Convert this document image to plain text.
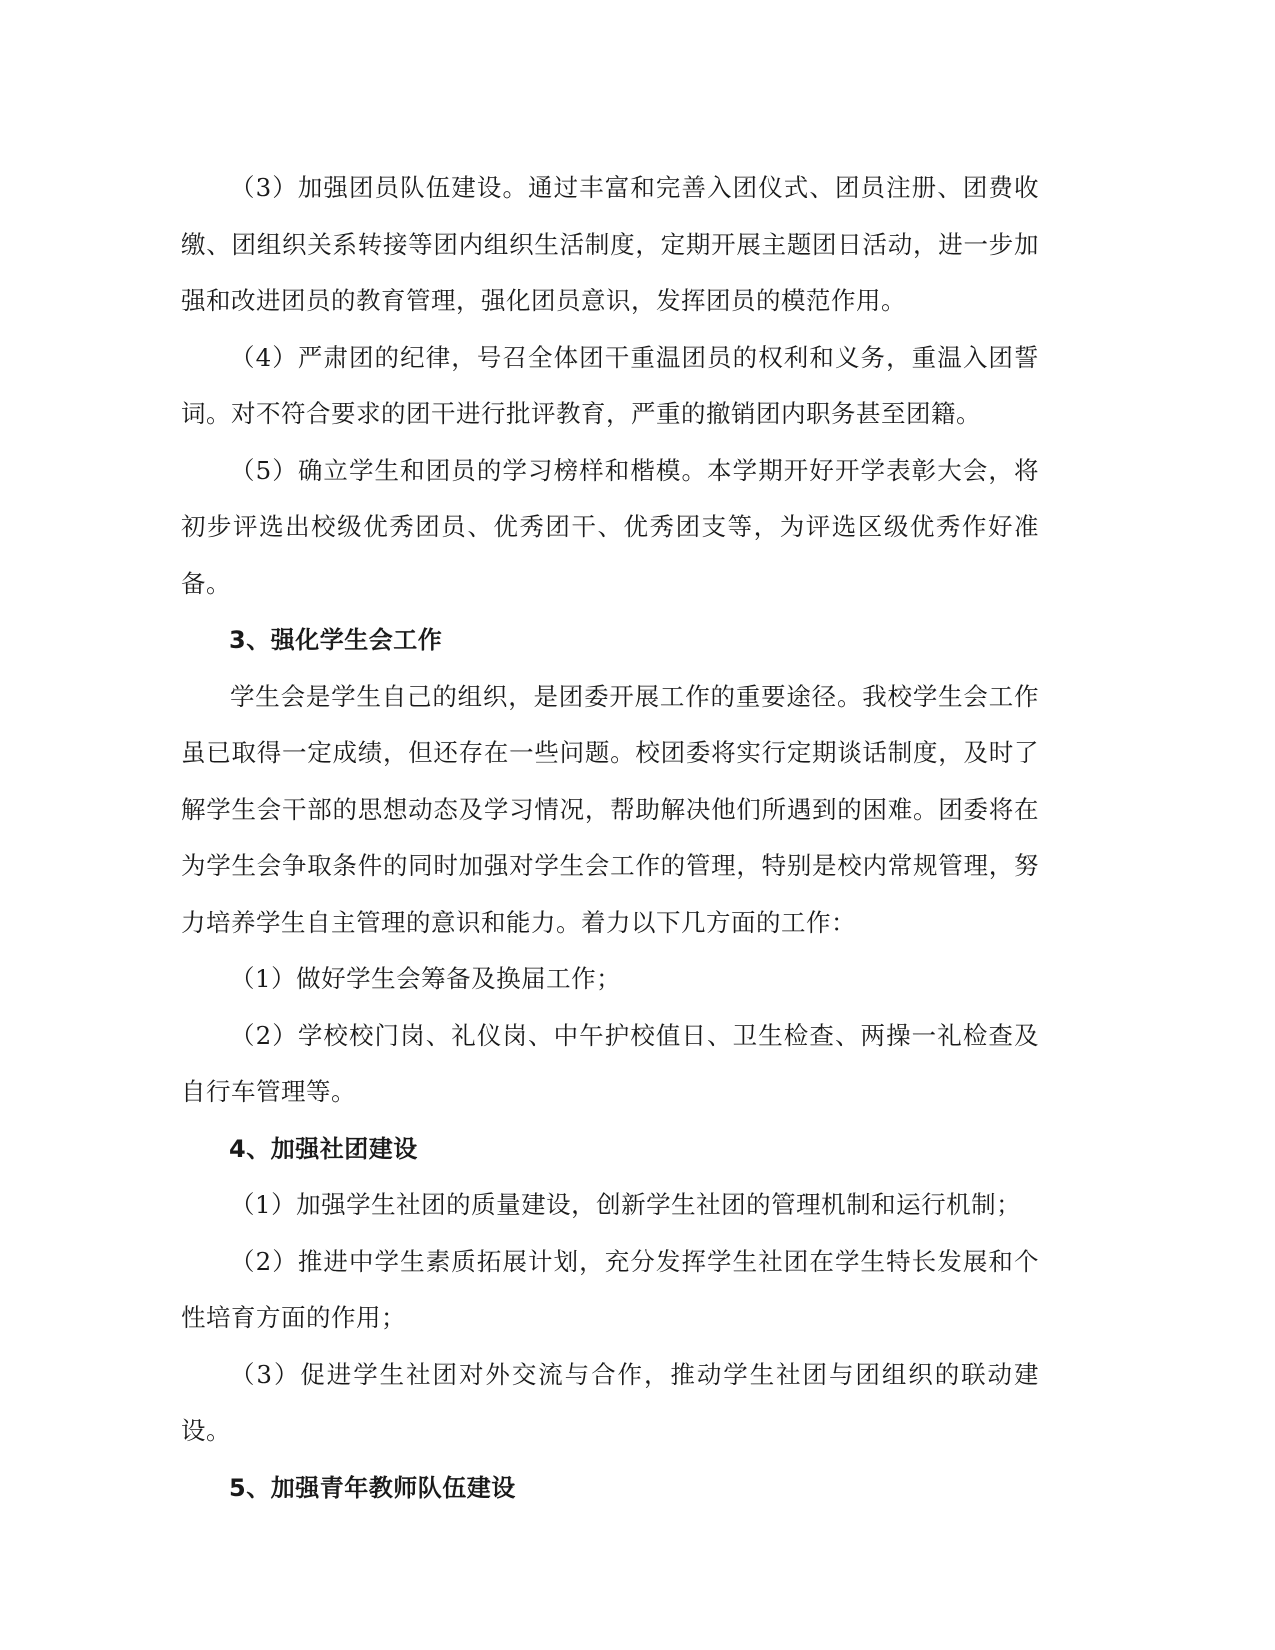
（3）加强团员队伍建设。通过丰富和完善入团仪式、团员注册、团费收缴、团组织关系转接等团内组织生活制度，定期开展主题团日活动，进一步加强和改进团员的教育管理，强化团员意识，发挥团员的模范作用。

（4）严肃团的纪律，号召全体团干重温团员的权利和义务，重温入团誓词。对不符合要求的团干进行批评教育，严重的撤销团内职务甚至团籍。

（5）确立学生和团员的学习榜样和楷模。本学期开好开学表彰大会，将初步评选出校级优秀团员、优秀团干、优秀团支等，为评选区级优秀作好准备。

3、强化学生会工作

学生会是学生自己的组织，是团委开展工作的重要途径。我校学生会工作虽已取得一定成绩，但还存在一些问题。校团委将实行定期谈话制度，及时了解学生会干部的思想动态及学习情况，帮助解决他们所遇到的困难。团委将在为学生会争取条件的同时加强对学生会工作的管理，特别是校内常规管理，努力培养学生自主管理的意识和能力。着力以下几方面的工作：

（1）做好学生会筹备及换届工作；

（2）学校校门岗、礼仪岗、中午护校值日、卫生检查、两操一礼检查及自行车管理等。

4、加强社团建设

（1）加强学生社团的质量建设，创新学生社团的管理机制和运行机制；

（2）推进中学生素质拓展计划，充分发挥学生社团在学生特长发展和个性培育方面的作用；

（3）促进学生社团对外交流与合作，推动学生社团与团组织的联动建设。

5、加强青年教师队伍建设
